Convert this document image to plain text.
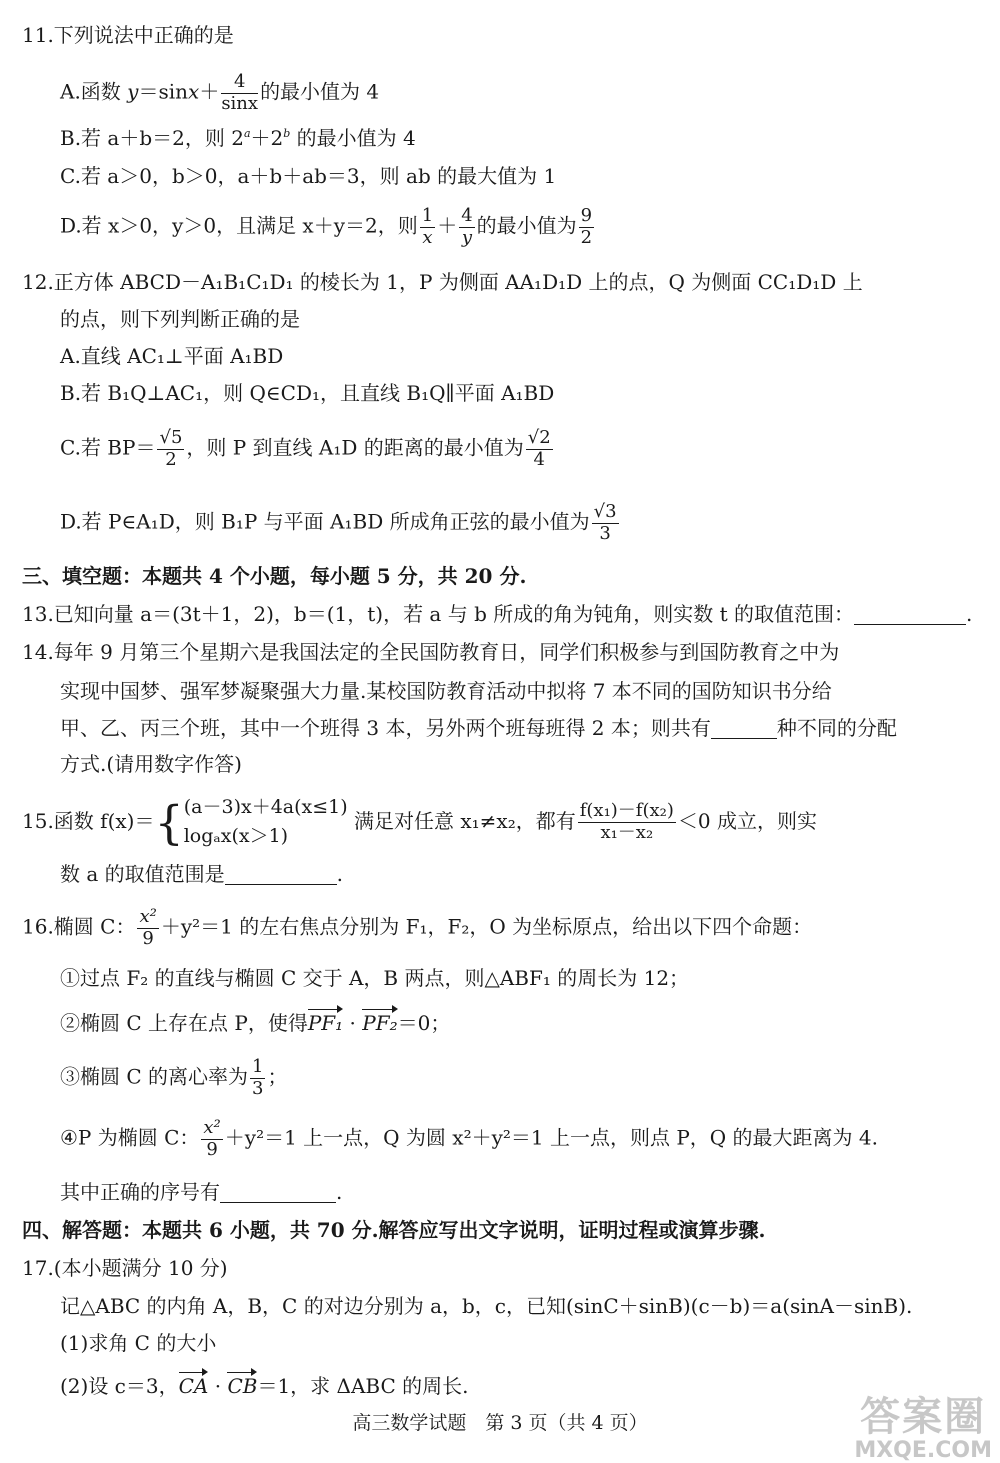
11.下列说法中正确的是
A.函数 $y=\sin x+ \frac{4}{\sin x}$ 的最小值为 4
B.若 a＋b＝2，则 $2^a+2^b$ 的最小值为 4
C.若 a＞0，b＞0，a＋b＋ab＝3，则 ab 的最大值为 1
D.若 x＞0，y＞0，且满足 x＋y＝2，则 $\frac{1}{x} + \frac{4}{y}$ 的最小值为 $\frac{9}{2}$
12.正方体 ABCD－A₁B₁C₁D₁ 的棱长为 1，P 为侧面 AA₁D₁D 上的点，Q 为侧面 CC₁D₁D 上
的点，则下列判断正确的是
A.直线 AC₁⊥平面 A₁BD
B.若 B₁Q⊥AC₁，则 Q∈CD₁，且直线 B₁Q∥平面 A₁BD
C.若 $BP= \frac{√5}{2}$ ，则 P 到直线 A₁D 的距离的最小值为 $\frac{√2}{4}$
D.若 P∈A₁D，则 B₁P 与平面 A₁BD 所成角正弦的最小值为 $\frac{√3}{3}$
三、填空题：本题共 4 个小题，每小题 5 分，共 20 分.
13.已知向量 a＝(3t＋1，2)，b＝(1，t)，若 a 与 b 所成的角为钝角，则实数 t 的取值范围：	.
14.每年 9 月第三个星期六是我国法定的全民国防教育日，同学们积极参与到国防教育之中为
实现中国梦、强军梦凝聚强大力量.某校国防教育活动中拟将 7 本不同的国防知识书分给
甲、乙、丙三个班，其中一个班得 3 本，另外两个班每班得 2 本；则共有	种不同的分配
方式.(请用数字作答)
15.函数 f(x)＝{ (a－3)x＋4a(x≤1)
logₐx(x＞1)
满足对任意 x₁≠x₂，都有 $\frac{\text{f(x₁)－f(x₂)}}{\text{x₁－x₂}} <0$ 成立，则实
数 a 的取值范围是	.
16.椭圆 C： $\frac{\text{x²}}{9} +y^2=1$ 的左右焦点分别为 F₁，F₂，O 为坐标原点，给出以下四个命题：
①过点 F₂ 的直线与椭圆 C 交于 A，B 两点，则△ABF₁ 的周长为 12；
②椭圆 C 上存在点 P，使得PF₁ · PF₂＝0；
③椭圆 C 的离心率为 $\frac{1}{3}$ ；
④P 为椭圆 C： $\frac{\text{x²}}{9} +y^2=1$ 上一点，Q 为圆 x²＋y²＝1 上一点，则点 P，Q 的最大距离为 4.
其中正确的序号有	.
四、解答题：本题共 6 小题，共 70 分.解答应写出文字说明，证明过程或演算步骤.
17.(本小题满分 10 分)
记△ABC 的内角 A，B，C 的对边分别为 a，b，c，已知(sinC＋sinB)(c－b)＝a(sinA－sinB).
(1)求角 C 的大小
(2)设 c＝3，CA · CB＝1，求 ΔABC 的周长.
高三数学试题　第 3 页（共 4 页）	答案圈
MXQE.COM
